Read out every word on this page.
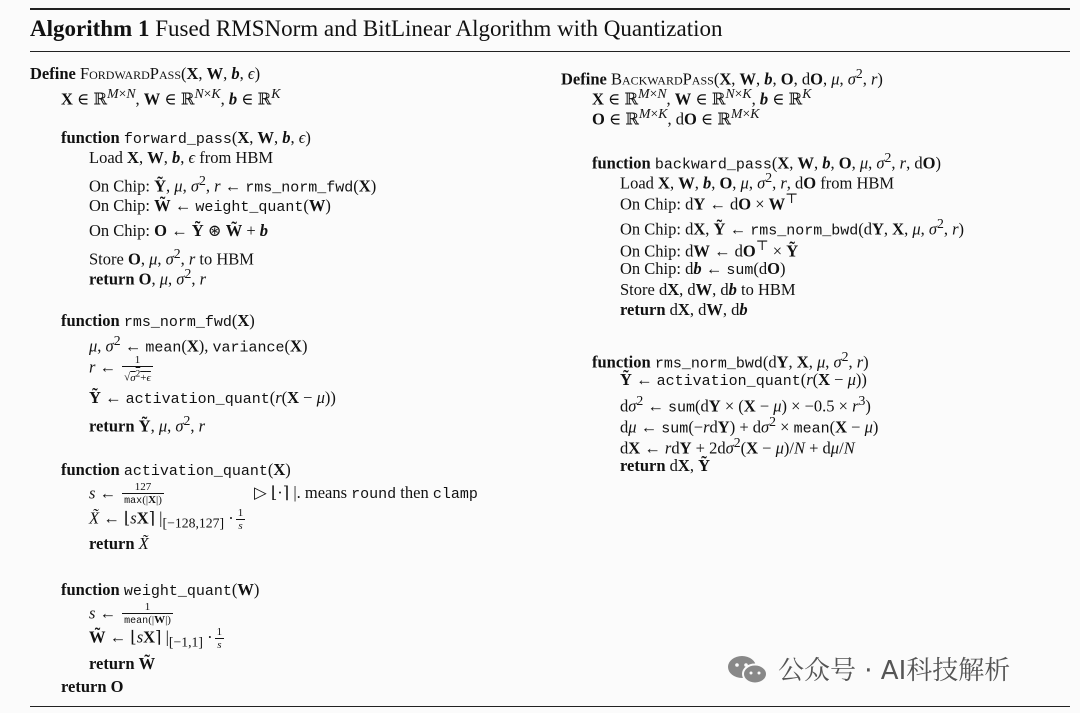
Algorithm 1 Fused RMSNorm and BitLinear Algorithm with Quantization
Define FordwardPass(X, W, b, ϵ)
X ∈ ℝ$^{M\times N}$, W ∈ ℝ$^{N\times K}$, b ∈ ℝ$^K$
function forward_pass(X, W, b, ϵ)
Load X, W, b, ϵ from HBM
On Chip: Ỹ, μ, $\sigma^2$, r ← rms_norm_fwd(X)
On Chip: W̃ ← weight_quant(W)
On Chip: O ← Ỹ ⊛ W̃ + b
Store O, μ, $\sigma^2$, r to HBM
return O, μ, $\sigma^2$, r
function rms_norm_fwd(X)
μ, $\sigma^2$ ← mean(X), variance(X)
r ← $\frac{1}{√\sigma^2+\epsilon}$
Ỹ ← activation_quant(r(X − μ))
return Ỹ, μ, $\sigma^2$, r
function activation_quant(X)
s ← $\frac{127}{\max(|X|)}$	▷ ⌊·⌉ |. means round then clamp
X̃ ← ⌊sX⌉ $|_{[-128,127]} \cdot \frac{1}{s}$
return X̃
function weight_quant(W)
s ← $\frac{1}{\text{mean(|W|)}}$
W̃ ← ⌊sX⌉ $|_{[-1,1]} \cdot \frac{1}{s}$
return W̃
return O
Define BackwardPass(X, W, b, O, dO, μ, $\sigma^2$, r)
X ∈ ℝ$^{M\times N}$, W ∈ ℝ$^{N\times K}$, b ∈ ℝ$^K$
O ∈ ℝ$^{M\times K}$, dO ∈ ℝ$^{M\times K}$
function backward_pass(X, W, b, O, μ, $\sigma^2$, r, dO)
Load X, W, b, O, μ, $\sigma^2$, r, dO from HBM
On Chip: dY ← dO × W⊤
On Chip: dX, Ỹ ← rms_norm_bwd(dY, X, μ, $\sigma^2$, r)
On Chip: dW ← dO⊤ × Ỹ
On Chip: db ← sum(dO)
Store dX, dW, db to HBM
return dX, dW, db
function rms_norm_bwd(dY, X, μ, $\sigma^2$, r)
Ỹ ← activation_quant(r(X − μ))
$d\sigma^2$ ← $sum(dY \times (X - \mu) \times -0.5 \times r^3)$
dμ ← $sum(-rdY) + d\sigma^2$ × mean(X − μ)
dX ← rdY + $2d\sigma^2(X - \mu)/N + d\mu/N$
return dX, Ỹ
公众号 · AI科技解析
